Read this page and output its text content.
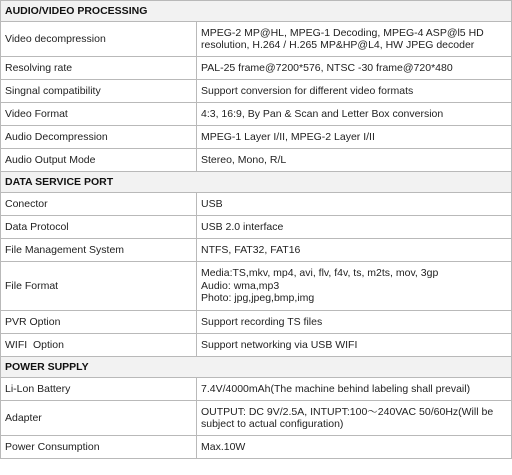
AUDIO/VIDEO PROCESSING	
Video decompression	MPEG-2 MP@HL, MPEG-1 Decoding, MPEG-4 ASP@l5 HD
resolution, H.264 / H.265 MP&HP@L4, HW JPEG decoder

Resolving rate	PAL-25 frame@7200*576, NTSC -30 frame@720*480
Singnal compatibility	Support conversion for different video formats
Video Format	4:3, 16:9, By Pan & Scan and Letter Box conversion
Audio Decompression	MPEG-1 Layer I/II, MPEG-2 Layer I/II
Audio Output Mode	Stereo, Mono, R/L
DATA SERVICE PORT	
Conector	USB
Data Protocol	USB 2.0 interface
File Management System	NTFS, FAT32, FAT16
File Format	Media:TS,mkv, mp4, avi, flv, f4v, ts, m2ts, mov, 3gp
Audio: wma,mp3
Photo: jpg,jpeg,bmp,img

PVR Option	Support recording TS files
WIFI  Option	Support networking via USB WIFI
POWER SUPPLY	
Li-Lon Battery	7.4V/4000mAh(The machine behind labeling shall prevail)
Adapter	OUTPUT: DC 9V/2.5A, INTUPT:100～240VAC 50/60Hz(Will be
subject to actual configuration)

Power Consumption	Max.10W
